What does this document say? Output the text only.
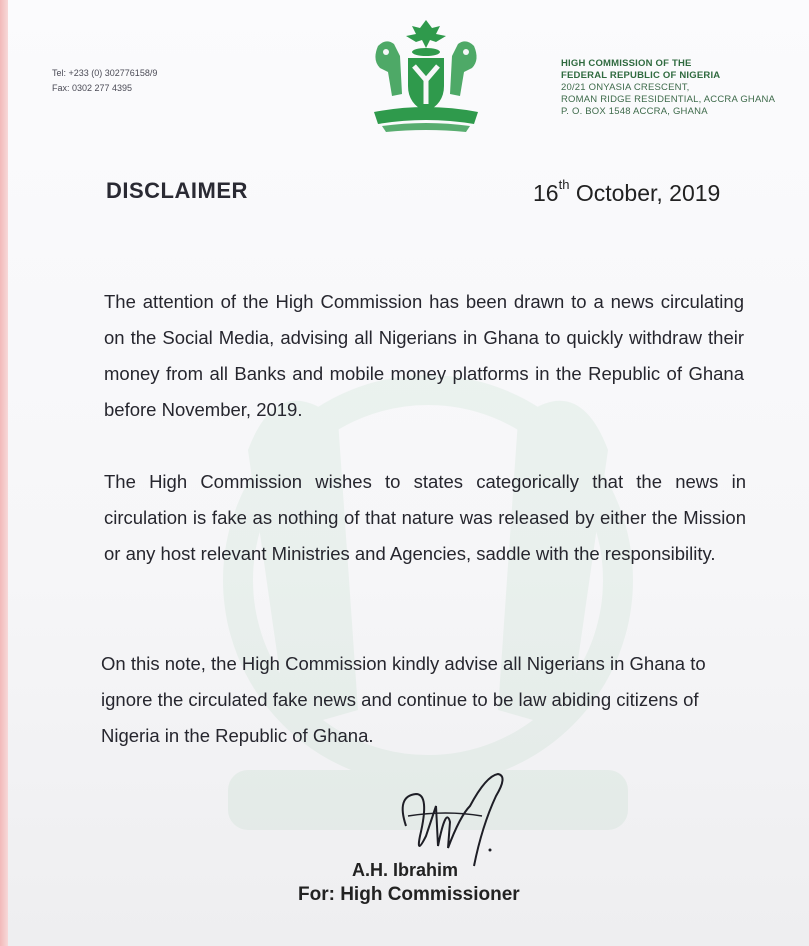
Tel: +233 (0) 302776158/9
Fax: 0302 277 4395
HIGH COMMISSION OF THE
FEDERAL REPUBLIC OF NIGERIA
20/21 ONYASIA CRESCENT,
ROMAN RIDGE RESIDENTIAL, ACCRA GHANA
P. O. BOX 1548 ACCRA, GHANA
DISCLAIMER	16th October, 2019
The attention of the High Commission has been drawn to a news circulating on the Social Media, advising all Nigerians in Ghana to quickly withdraw their money from all Banks and mobile money platforms in the Republic of Ghana before November, 2019.
The High Commission wishes to states categorically that the news in circulation is fake as nothing of that nature was released by either the Mission or any host relevant Ministries and Agencies, saddle with the responsibility.
On this note, the High Commission kindly advise all Nigerians in Ghana to ignore the circulated fake news and continue to be law abiding citizens of Nigeria in the Republic of Ghana.
A.H. Ibrahim
For: High Commissioner
